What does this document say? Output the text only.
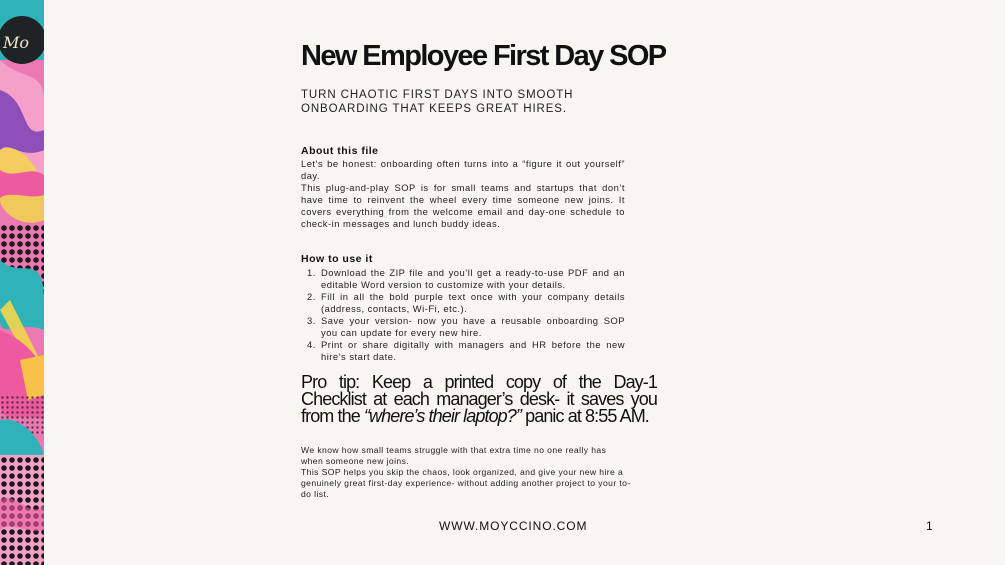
Mo	New Employee First Day SOP
TURN CHAOTIC FIRST DAYS INTO SMOOTH ONBOARDING THAT KEEPS GREAT HIRES.
About this file

Let’s be honest: onboarding often turns into a “figure it out yourself” day.

This plug-and-play SOP is for small teams and startups that don’t have time to reinvent the wheel every time someone new joins. It covers everything from the welcome email and day-one schedule to check-in messages and lunch buddy ideas.

How to use it
1. Download the ZIP file and you’ll get a ready-to-use PDF and an editable Word version to customize with your details.
2. Fill in all the bold purple text once with your company details (address, contacts, Wi-Fi, etc.).
3. Save your version- now you have a reusable onboarding SOP you can update for every new hire.
4. Print or share digitally with managers and HR before the new hire’s start date.
Pro tip: Keep a printed copy of the Day-1 Checklist at each manager’s desk- it saves you from the “where’s their laptop?” panic at 8:55 AM.

We know how small teams struggle with that extra time no one really has when someone new joins.

This SOP helps you skip the chaos, look organized, and give your new hire a genuinely great first-day experience- without adding another project to your to-do list.

WWW.MOYCCINO.COM	1
